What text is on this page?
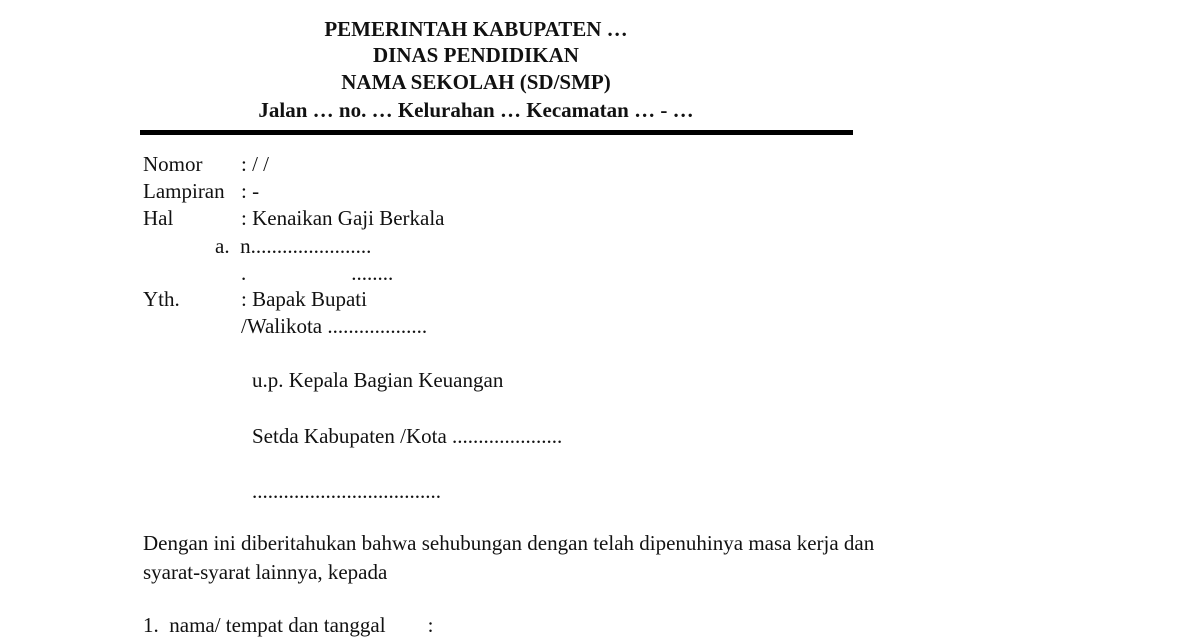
PEMERINTAH KABUPATEN …
DINAS PENDIDIKAN
NAMA SEKOLAH (SD/SMP)
Jalan … no. … Kelurahan … Kecamatan … - …
Nomor : / /
Lampiran : -
Hal	: Kenaikan Gaji Berkala
a.  n.......................
.                    ........
Yth.	: Bapak Bupati
/Walikota ...................
u.p. Kepala Bagian Keuangan
Setda Kabupaten /Kota .....................
....................................
Dengan ini diberitahukan bahwa sehubungan dengan telah dipenuhinya masa kerja dan
syarat-syarat lainnya, kepada
1.  nama/ tempat dan tanggal        :
